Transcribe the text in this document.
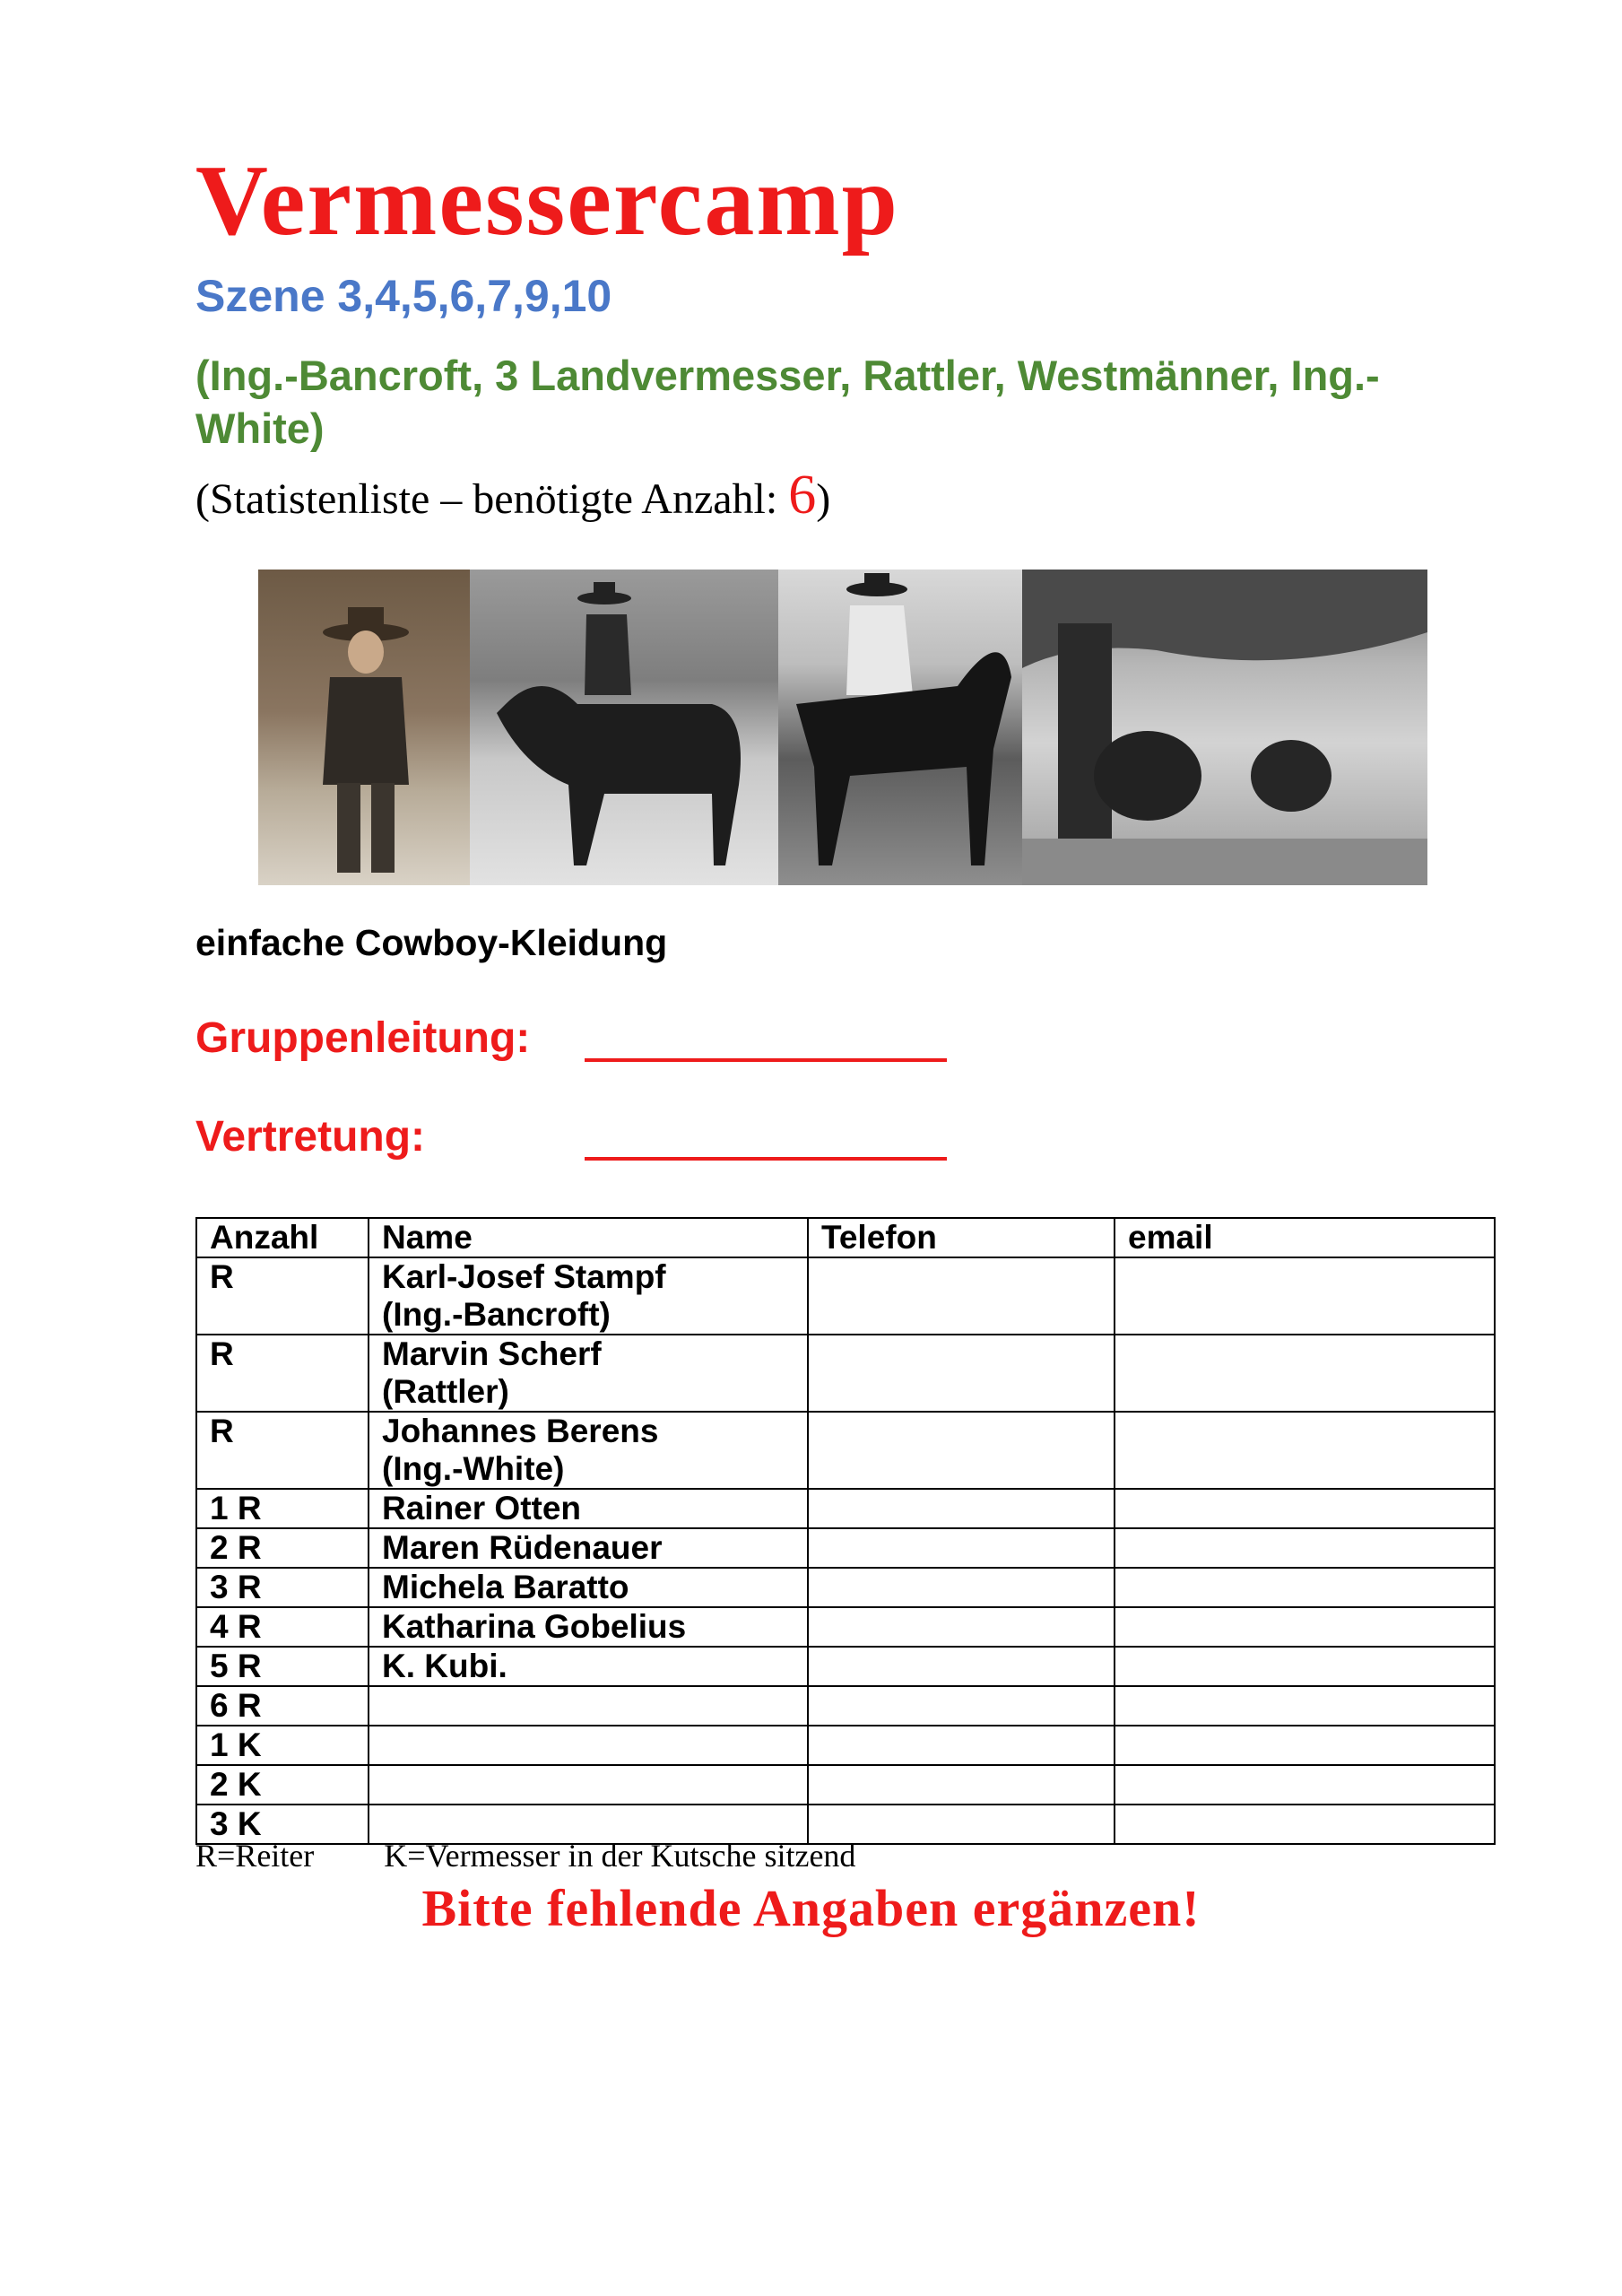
Vermessercamp
Szene 3,4,5,6,7,9,10
(Ing.-Bancroft, 3 Landvermesser, Rattler, Westmänner, Ing.-White)
(Statistenliste – benötigte Anzahl: 6)
einfache Cowboy-Kleidung
Gruppenleitung:
Vertretung:
Anzahl	Name	Telefon	email
R	Karl-Josef Stampf
(Ing.-Bancroft)		

R	Marvin Scherf
(Rattler)		

R	Johannes Berens
(Ing.-White)		

1 R	Rainer Otten		

2 R	Maren Rüdenauer		

3 R	Michela Baratto		

4 R	Katharina Gobelius		

5 R	K. Kubi.		

6 R	

1 K	

2 K	

3 K	

R=Reiter K=Vermesser in der Kutsche sitzend
Bitte fehlende Angaben ergänzen!
